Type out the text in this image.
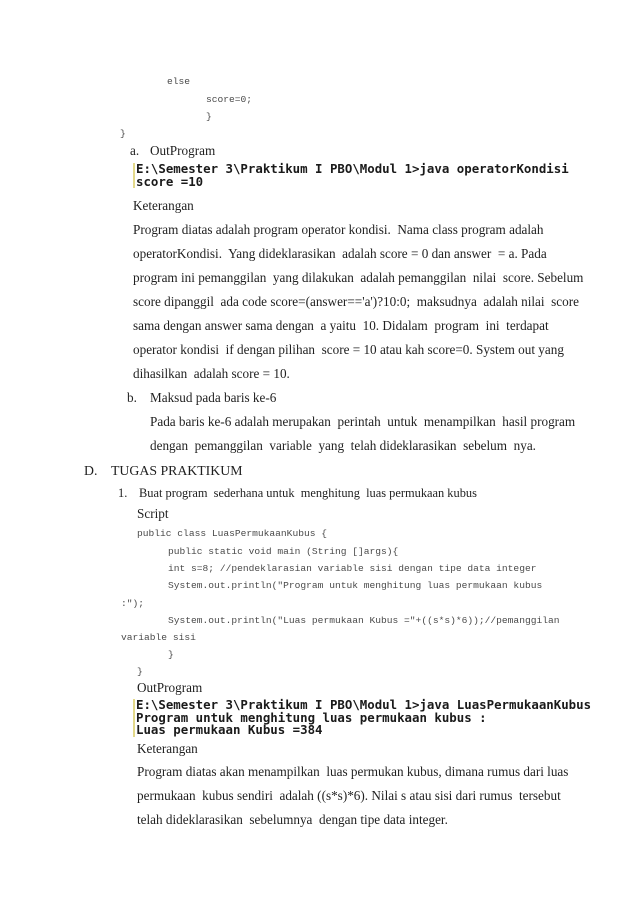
else
score=0;
}
}
a. OutProgram
E:\Semester 3\Praktikum I PBO\Modul 1>java operatorKondisi
score =10
Keterangan
Program diatas adalah program operator kondisi.  Nama class program adalah
operatorKondisi.  Yang dideklarasikan  adalah score = 0 dan answer  = a. Pada
program ini pemanggilan  yang dilakukan  adalah pemanggilan  nilai  score. Sebelum
score dipanggil  ada code score=(answer=='a')?10:0;  maksudnya  adalah nilai  score
sama dengan answer sama dengan  a yaitu  10. Didalam  program  ini  terdapat
operator kondisi  if dengan pilihan  score = 10 atau kah score=0. System out yang
dihasilkan  adalah score = 10.
b. Maksud pada baris ke-6
Pada baris ke-6 adalah merupakan  perintah  untuk  menampilkan  hasil program
dengan  pemanggilan  variable  yang  telah dideklarasikan  sebelum  nya.
D. TUGAS PRAKTIKUM
1. Buat program  sederhana untuk  menghitung  luas permukaan kubus
Script
public class LuasPermukaanKubus {
public static void main (String []args){
int s=8; //pendeklarasian variable sisi dengan tipe data integer
System.out.println("Program untuk menghitung luas permukaan kubus
:");
System.out.println("Luas permukaan Kubus ="+((s*s)*6));//pemanggilan
variable sisi
}
}
OutProgram
E:\Semester 3\Praktikum I PBO\Modul 1>java LuasPermukaanKubus
Program untuk menghitung luas permukaan kubus :
Luas permukaan Kubus =384
Keterangan
Program diatas akan menampilkan  luas permukan kubus, dimana rumus dari luas
permukaan  kubus sendiri  adalah ((s*s)*6). Nilai s atau sisi dari rumus  tersebut
telah dideklarasikan  sebelumnya  dengan tipe data integer.
